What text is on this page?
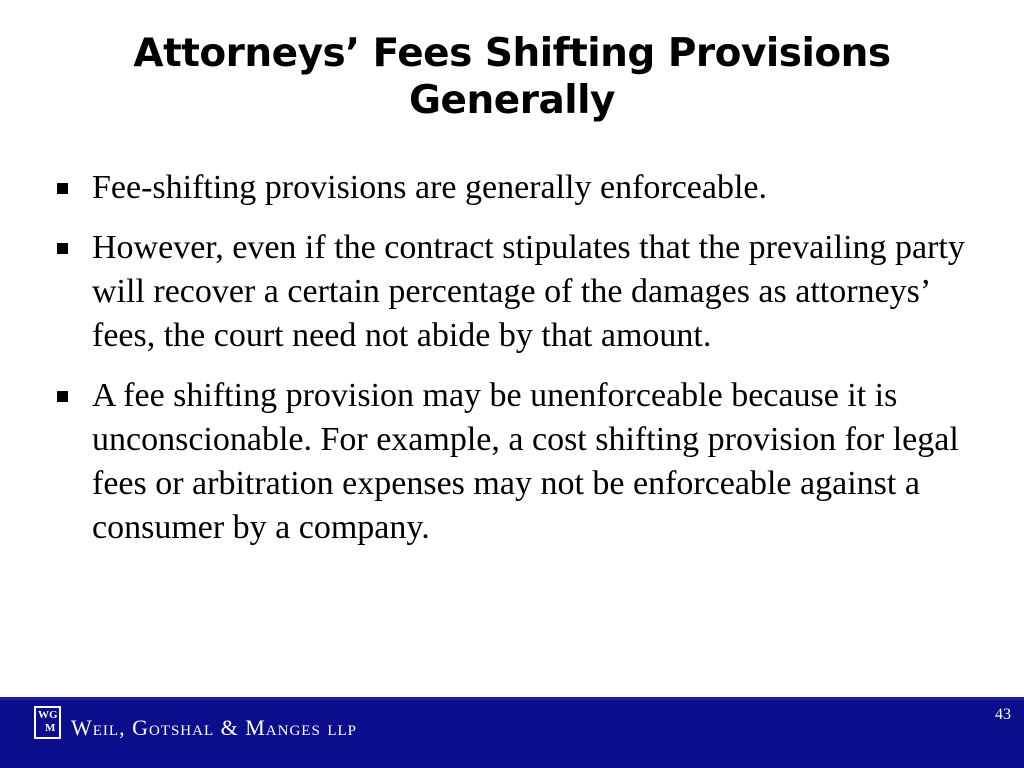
Attorneys’ Fees Shifting Provisions
Generally
Fee-shifting provisions are generally enforceable.
However, even if the contract stipulates that the prevailing party will recover a certain percentage of the damages as attorneys’ fees, the court need not abide by that amount.
A fee shifting provision may be unenforceable because it is unconscionable. For example, a cost shifting provision for legal fees or arbitration expenses may not be enforceable against a consumer by a company.
WG
M Weil, Gotshal & Manges llp
43
